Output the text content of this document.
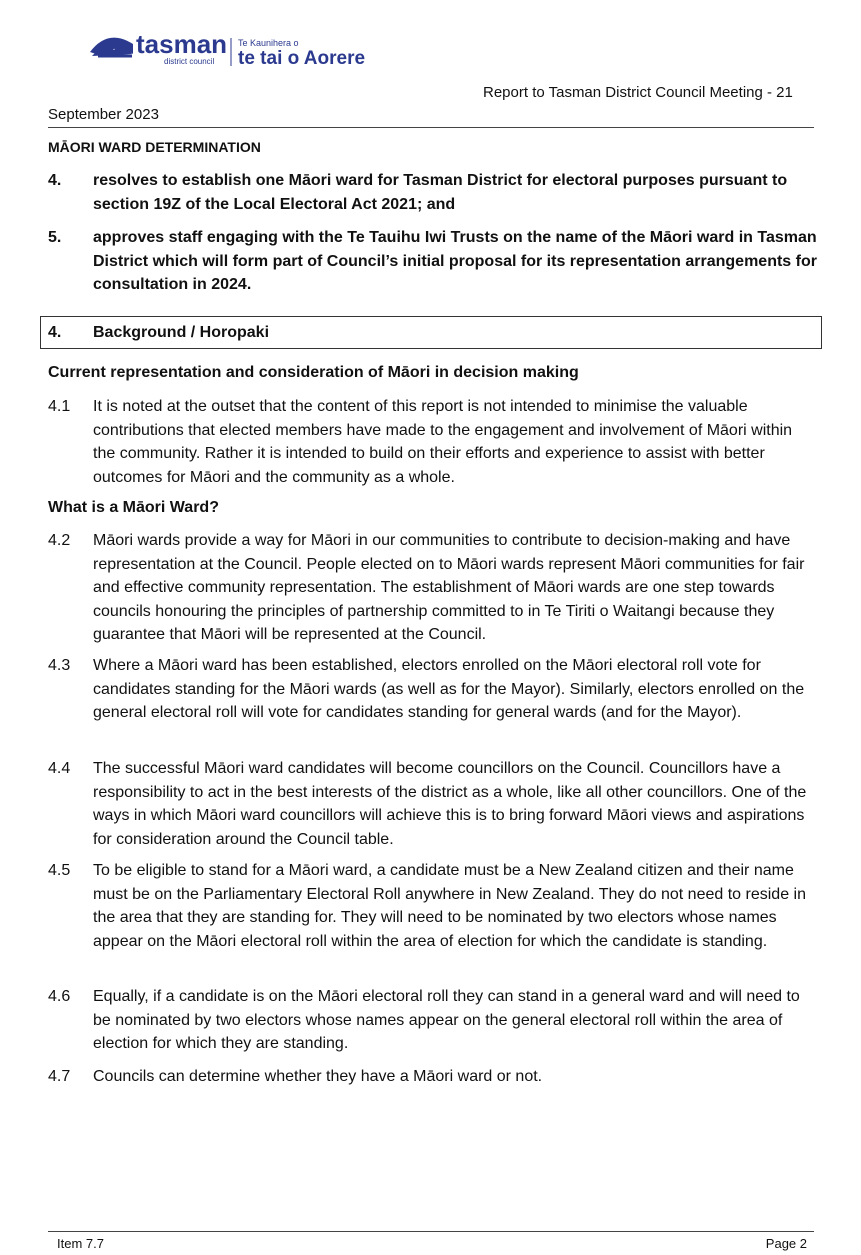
tasman
district council
Te Kaunihera o
te tai o Aorere
Report to Tasman District Council Meeting - 21
September 2023
MĀORI WARD DETERMINATION
4. resolves to establish one Māori ward for Tasman District for electoral purposes pursuant to section 19Z of the Local Electoral Act 2021; and
5. approves staff engaging with the Te Tauihu Iwi Trusts on the name of the Māori ward in Tasman District which will form part of Council’s initial proposal for its representation arrangements for consultation in 2024.
4. Background / Horopaki
Current representation and consideration of Māori in decision making
4.1 It is noted at the outset that the content of this report is not intended to minimise the valuable contributions that elected members have made to the engagement and involvement of Māori within the community. Rather it is intended to build on their efforts and experience to assist with better outcomes for Māori and the community as a whole.
What is a Māori Ward?
4.2 Māori wards provide a way for Māori in our communities to contribute to decision-making and have representation at the Council. People elected on to Māori wards represent Māori communities for fair and effective community representation. The establishment of Māori wards are one step towards councils honouring the principles of partnership committed to in Te Tiriti o Waitangi because they guarantee that Māori will be represented at the Council.
4.3 Where a Māori ward has been established, electors enrolled on the Māori electoral roll vote for candidates standing for the Māori wards (as well as for the Mayor). Similarly, electors enrolled on the general electoral roll will vote for candidates standing for general wards (and for the Mayor).
4.4 The successful Māori ward candidates will become councillors on the Council. Councillors have a responsibility to act in the best interests of the district as a whole, like all other councillors. One of the ways in which Māori ward councillors will achieve this is to bring forward Māori views and aspirations for consideration around the Council table.
4.5 To be eligible to stand for a Māori ward, a candidate must be a New Zealand citizen and their name must be on the Parliamentary Electoral Roll anywhere in New Zealand. They do not need to reside in the area that they are standing for. They will need to be nominated by two electors whose names appear on the Māori electoral roll within the area of election for which the candidate is standing.
4.6 Equally, if a candidate is on the Māori electoral roll they can stand in a general ward and will need to be nominated by two electors whose names appear on the general electoral roll within the area of election for which they are standing.
4.7 Councils can determine whether they have a Māori ward or not.
Item 7.7	Page 2
